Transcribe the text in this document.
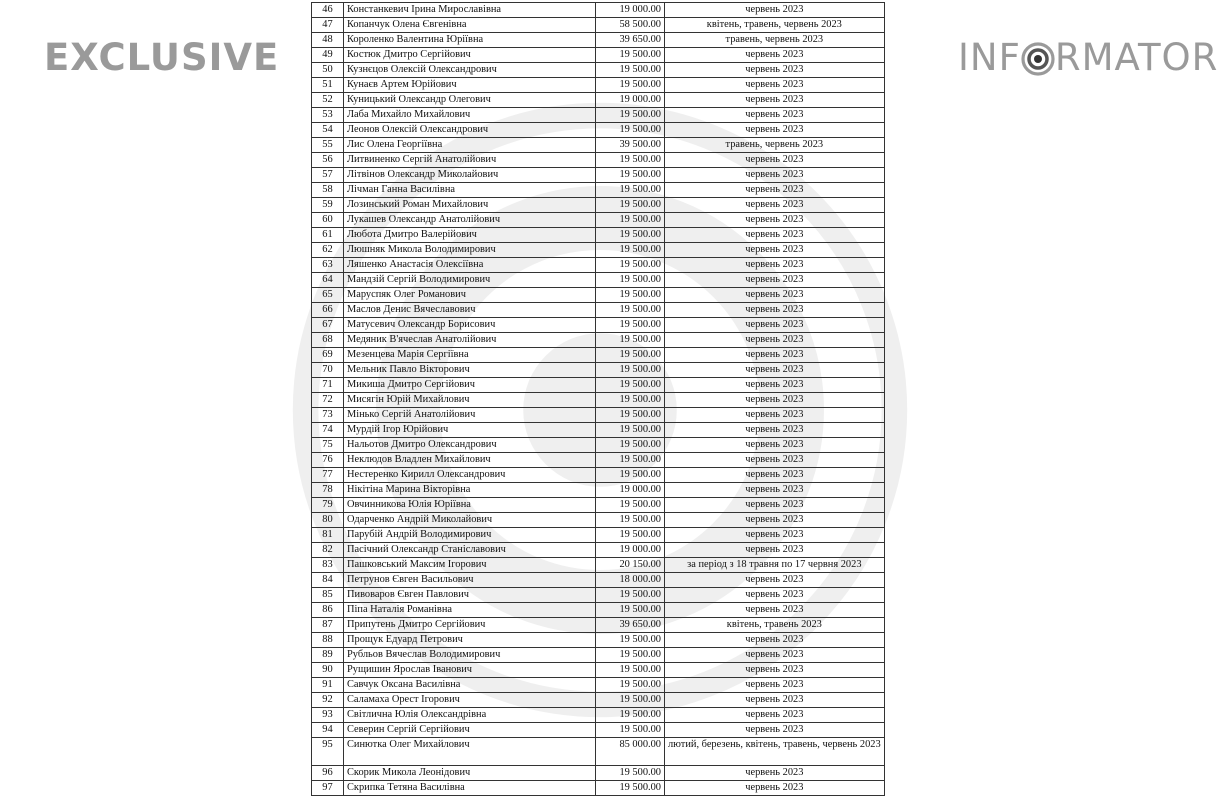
EXCLUSIVE	INF RMATOR
46	Констанкевич Ірина Мирославівна	19 000.00	червень 2023
47	Копанчук Олена Євгенівна	58 500.00	квітень, травень, червень 2023
48	Короленко Валентина Юріївна	39 650.00	травень, червень 2023
49	Костюк Дмитро Сергійович	19 500.00	червень 2023
50	Кузнєцов Олексій Олександрович	19 500.00	червень 2023
51	Кунаєв Артем Юрійович	19 500.00	червень 2023
52	Куницький Олександр Олегович	19 000.00	червень 2023
53	Лаба Михайло Михайлович	19 500.00	червень 2023
54	Леонов Олексій Олександрович	19 500.00	червень 2023
55	Лис Олена Георгіївна	39 500.00	травень, червень 2023
56	Литвиненко Сергій Анатолійович	19 500.00	червень 2023
57	Літвінов Олександр Миколайович	19 500.00	червень 2023
58	Лічман Ганна Василівна	19 500.00	червень 2023
59	Лозинський Роман Михайлович	19 500.00	червень 2023
60	Лукашев Олександр Анатолійович	19 500.00	червень 2023
61	Любота Дмитро Валерійович	19 500.00	червень 2023
62	Люшняк Микола Володимирович	19 500.00	червень 2023
63	Ляшенко Анастасія Олексіївна	19 500.00	червень 2023
64	Мандзій Сергій Володимирович	19 500.00	червень 2023
65	Маруспяк Олег Романович	19 500.00	червень 2023
66	Маслов Денис Вячеславович	19 500.00	червень 2023
67	Матусевич Олександр Борисович	19 500.00	червень 2023
68	Медяник В'ячеслав Анатолійович	19 500.00	червень 2023
69	Мезенцева Марія Сергіївна	19 500.00	червень 2023
70	Мельник Павло Вікторович	19 500.00	червень 2023
71	Микиша Дмитро Сергійович	19 500.00	червень 2023
72	Мисягін Юрій Михайлович	19 500.00	червень 2023
73	Мінько Сергій Анатолійович	19 500.00	червень 2023
74	Мурдій Ігор Юрійович	19 500.00	червень 2023
75	Нальотов Дмитро Олександрович	19 500.00	червень 2023
76	Неклюдов Владлен Михайлович	19 500.00	червень 2023
77	Нестеренко Кирилл Олександрович	19 500.00	червень 2023
78	Нікітіна Марина Вікторівна	19 000.00	червень 2023
79	Овчинникова Юлія Юріївна	19 500.00	червень 2023
80	Одарченко Андрій Миколайович	19 500.00	червень 2023
81	Парубій Андрій Володимирович	19 500.00	червень 2023
82	Пасічний Олександр Станіславович	19 000.00	червень 2023
83	Пашковський Максим Ігорович	20 150.00	за період з 18 травня по 17 червня 2023
84	Петрунов Євген Васильович	18 000.00	червень 2023
85	Пивоваров Євген Павлович	19 500.00	червень 2023
86	Піпа Наталія Романівна	19 500.00	червень 2023
87	Припутень Дмитро Сергійович	39 650.00	квітень, травень 2023
88	Прощук Едуард Петрович	19 500.00	червень 2023
89	Рубльов Вячеслав Володимирович	19 500.00	червень 2023
90	Рущишин Ярослав Іванович	19 500.00	червень 2023
91	Савчук Оксана Василівна	19 500.00	червень 2023
92	Саламаха Орест Ігорович	19 500.00	червень 2023
93	Світлична Юлія Олександрівна	19 500.00	червень 2023
94	Северин Сергій Сергійович	19 500.00	червень 2023
95	Синютка Олег Михайлович	85 000.00	лютий, березень, квітень, травень, червень 2023
96	Скорик Микола Леонідович	19 500.00	червень 2023
97	Скрипка Тетяна Василівна	19 500.00	червень 2023
